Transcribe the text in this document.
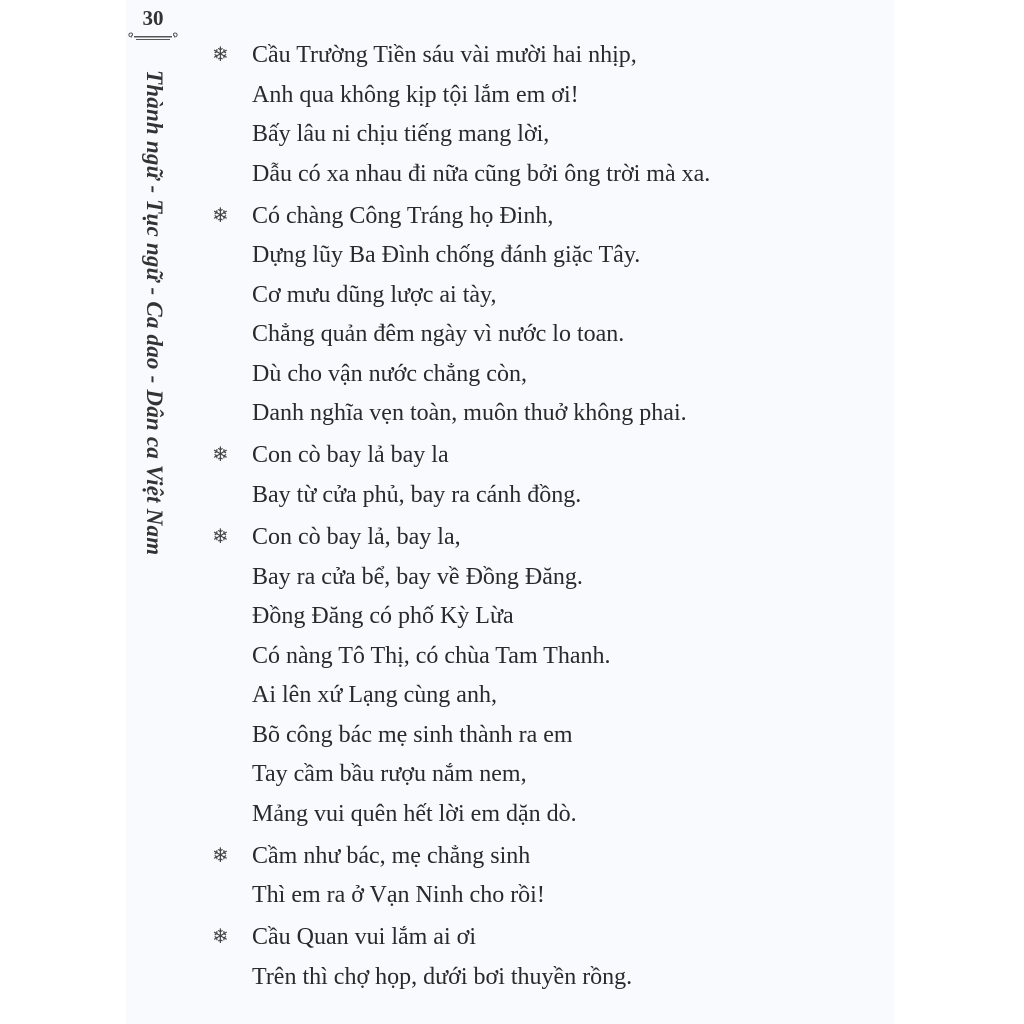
30
Thành ngữ - Tục ngữ - Ca dao - Dân ca Việt Nam
❄ Cầu Trường Tiền sáu vài mười hai nhịp,
Anh qua không kịp tội lắm em ơi!
Bấy lâu ni chịu tiếng mang lời,
Dẫu có xa nhau đi nữa cũng bởi ông trời mà xa.
❄ Có chàng Công Tráng họ Đinh,
Dựng lũy Ba Đình chống đánh giặc Tây.
Cơ mưu dũng lược ai tày,
Chẳng quản đêm ngày vì nước lo toan.
Dù cho vận nước chẳng còn,
Danh nghĩa vẹn toàn, muôn thuở không phai.
❄ Con cò bay lả bay la
Bay từ cửa phủ, bay ra cánh đồng.
❄ Con cò bay lả, bay la,
Bay ra cửa bể, bay về Đồng Đăng.
Đồng Đăng có phố Kỳ Lừa
Có nàng Tô Thị, có chùa Tam Thanh.
Ai lên xứ Lạng cùng anh,
Bõ công bác mẹ sinh thành ra em
Tay cầm bầu rượu nắm nem,
Mảng vui quên hết lời em dặn dò.
❄ Cầm như bác, mẹ chẳng sinh
Thì em ra ở Vạn Ninh cho rồi!
❄ Cầu Quan vui lắm ai ơi
Trên thì chợ họp, dưới bơi thuyền rồng.
